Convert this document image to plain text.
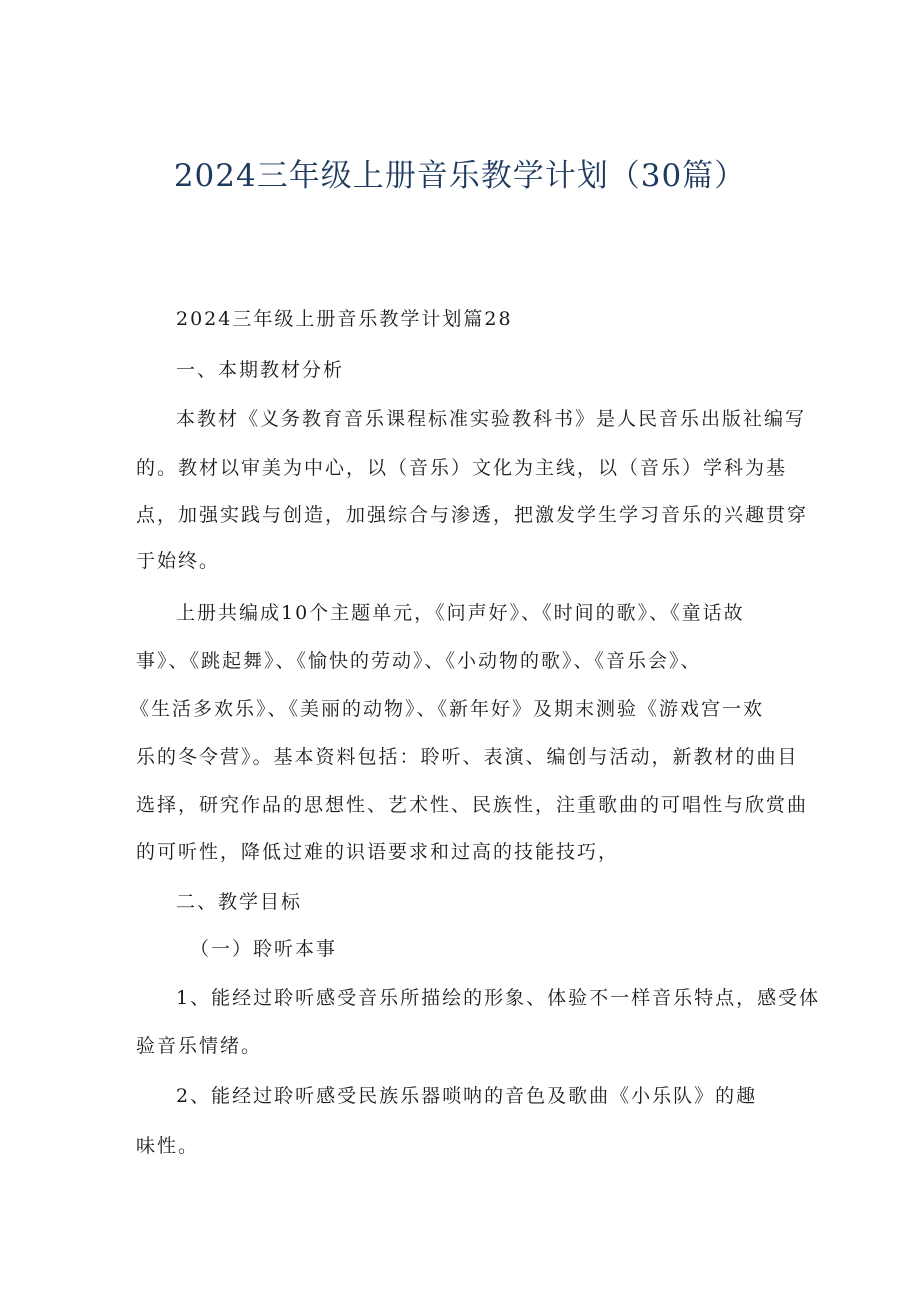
2024三年级上册音乐教学计划（30篇）
2024三年级上册音乐教学计划篇28
一、本期教材分析
本教材《义务教育音乐课程标准实验教科书》是人民音乐出版社编写
的。教材以审美为中心，以（音乐）文化为主线，以（音乐）学科为基
点，加强实践与创造，加强综合与渗透，把激发学生学习音乐的兴趣贯穿
于始终。
上册共编成10个主题单元，《问声好》、《时间的歌》、《童话故
事》、《跳起舞》、《愉快的劳动》、《小动物的歌》、《音乐会》、
《生活多欢乐》、《美丽的动物》、《新年好》及期末测验《游戏宫一欢
乐的冬令营》。基本资料包括：聆听、表演、编创与活动，新教材的曲目
选择，研究作品的思想性、艺术性、民族性，注重歌曲的可唱性与欣赏曲
的可听性，降低过难的识语要求和过高的技能技巧，
二、教学目标
（一）聆听本事
1、能经过聆听感受音乐所描绘的形象、体验不一样音乐特点，感受体
验音乐情绪。
2、能经过聆听感受民族乐器唢呐的音色及歌曲《小乐队》的趣
味性。
